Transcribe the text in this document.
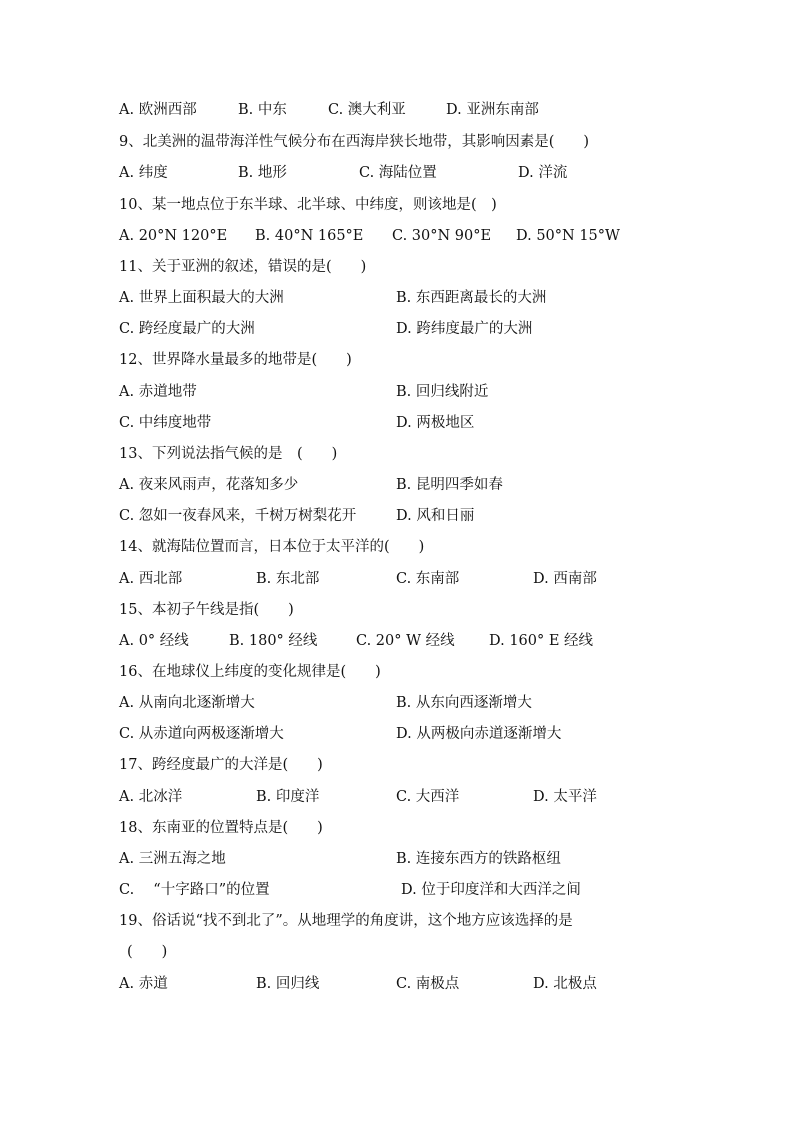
A. 欧洲西部	B. 中东	C. 澳大利亚	D. 亚洲东南部
9、北美洲的温带海洋性气候分布在西海岸狭长地带，其影响因素是(　　)
A. 纬度	B. 地形	C. 海陆位置	D. 洋流
10、某一地点位于东半球、北半球、中纬度，则该地是(　)
A. 20°N 120°E B. 40°N 165°E C. 30°N 90°E D. 50°N 15°W
11、关于亚洲的叙述，错误的是(　　)
A. 世界上面积最大的大洲	B. 东西距离最长的大洲
C. 跨经度最广的大洲	D. 跨纬度最广的大洲
12、世界降水量最多的地带是(　　)
A. 赤道地带	B. 回归线附近
C. 中纬度地带	D. 两极地区
13、下列说法指气候的是　(　　)
A. 夜来风雨声，花落知多少	B. 昆明四季如春
C. 忽如一夜春风来，千树万树梨花开	D. 风和日丽
14、就海陆位置而言，日本位于太平洋的(　　)
A. 西北部	B. 东北部	C. 东南部	D. 西南部
15、本初子午线是指(　　)
A. 0° 经线	B. 180° 经线	C. 20° W 经线 D. 160° E 经线
16、在地球仪上纬度的变化规律是(　　)
A. 从南向北逐渐增大	B. 从东向西逐渐增大
C. 从赤道向两极逐渐增大	D. 从两极向赤道逐渐增大
17、跨经度最广的大洋是(　　)
A. 北冰洋	B. 印度洋	C. 大西洋	D. 太平洋
18、东南亚的位置特点是(　　)
A. 三洲五海之地	B. 连接东西方的铁路枢纽
C. 　“十字路口”的位置	D. 位于印度洋和大西洋之间
19、俗话说“找不到北了”。从地理学的角度讲，这个地方应该选择的是
(　　)
A. 赤道	B. 回归线	C. 南极点	D. 北极点
